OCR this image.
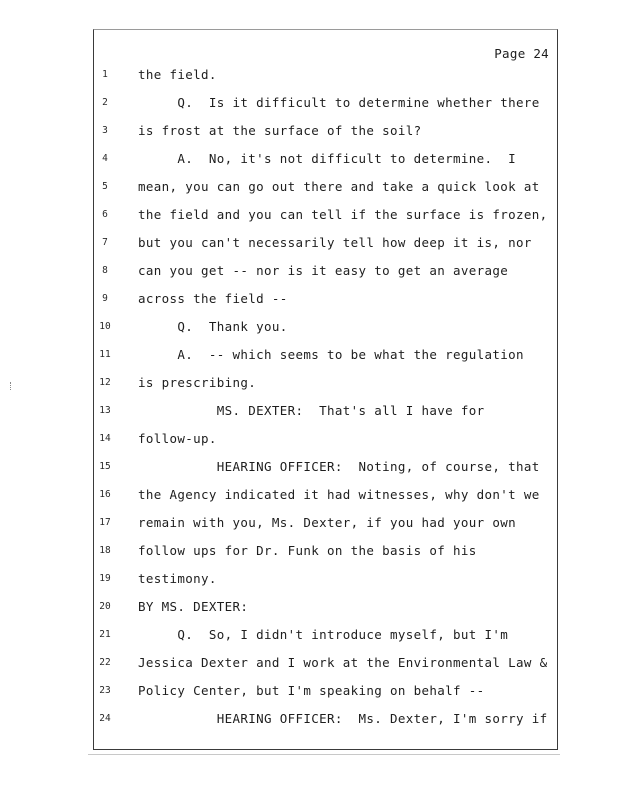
Page 24
1	the field.
2	Q.  Is it difficult to determine whether there
3	is frost at the surface of the soil?
4	A.  No, it's not difficult to determine.  I
5	mean, you can go out there and take a quick look at
6	the field and you can tell if the surface is frozen,
7	but you can't necessarily tell how deep it is, nor
8	can you get -- nor is it easy to get an average
9	across the field --
10	Q.  Thank you.
11	A.  -- which seems to be what the regulation
12	is prescribing.
13	MS. DEXTER:  That's all I have for
14	follow-up.
15	HEARING OFFICER:  Noting, of course, that
16	the Agency indicated it had witnesses, why don't we
17	remain with you, Ms. Dexter, if you had your own
18	follow ups for Dr. Funk on the basis of his
19	testimony.
20	BY MS. DEXTER:
21	Q.  So, I didn't introduce myself, but I'm
22	Jessica Dexter and I work at the Environmental Law &
23	Policy Center, but I'm speaking on behalf --
24	HEARING OFFICER:  Ms. Dexter, I'm sorry if
